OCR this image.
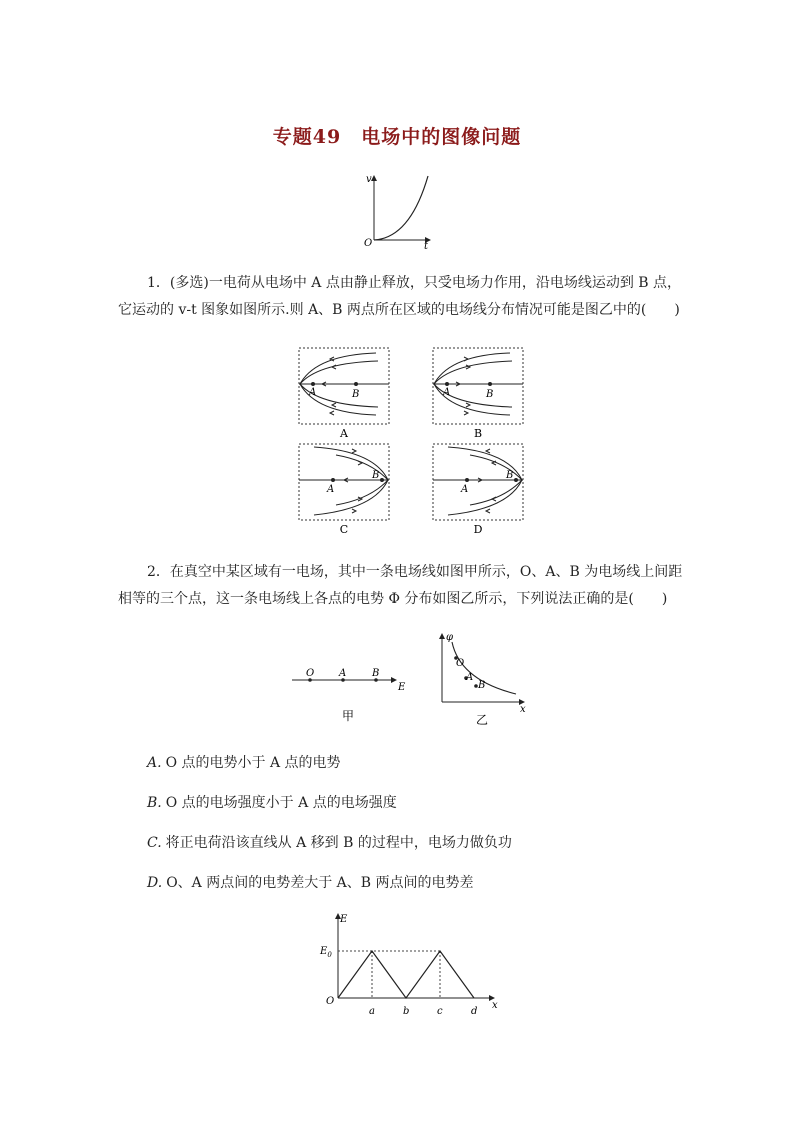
专题49　电场中的图像问题
v
t
O
1．(多选)一电荷从电场中 A 点由静止释放，只受电场力作用，沿电场线运动到 B 点，
它运动的 v-t 图象如图所示.则 A、B 两点所在区域的电场线分布情况可能是图乙中的(　　)
A	B
A
A	B
B
A
B
C
A
B
D
2．在真空中某区域有一电场，其中一条电场线如图甲所示，O、A、B 为电场线上间距
相等的三个点，这一条电场线上各点的电势 Φ 分布如图乙所示，下列说法正确的是(　　)
O A	B
E
甲
φ
x
O
A
B
乙
A. O 点的电势小于 A 点的电势
B. O 点的电场强度小于 A 点的电场强度
C. 将正电荷沿该直线从 A 移到 B 的过程中，电场力做负功
D. O、A 两点间的电势差大于 A、B 两点间的电势差
E
x
O
$E_0$
a	b	c	d
